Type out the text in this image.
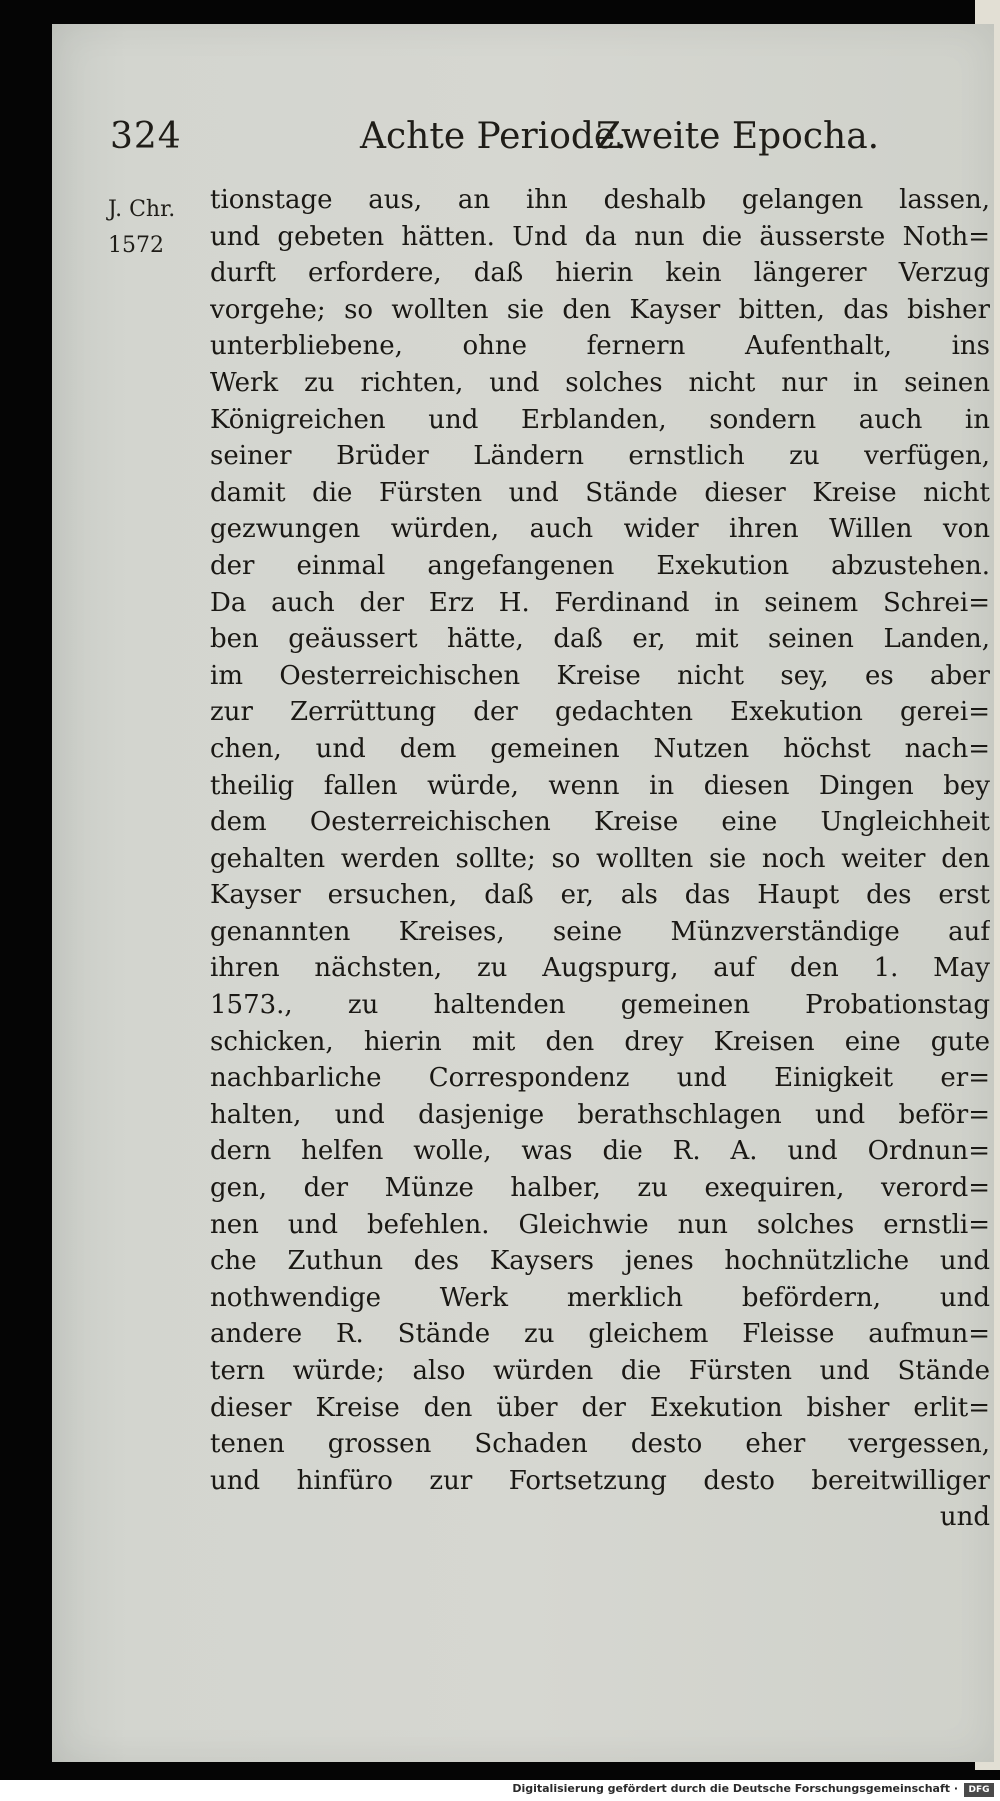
324	Achte Periode.
Zweite Epocha.
J. Chr.
1572
tionstage aus, an ihn deshalb gelangen lassen,
und gebeten hätten. Und da nun die äusserste Noth=
durft erfordere, daß hierin kein längerer Verzug
vorgehe; so wollten sie den Kayser bitten, das bisher
unterbliebene, ohne fernern Aufenthalt, ins
Werk zu richten, und solches nicht nur in seinen
Königreichen und Erblanden, sondern auch in
seiner Brüder Ländern ernstlich zu verfügen,
damit die Fürsten und Stände dieser Kreise nicht
gezwungen würden, auch wider ihren Willen von
der einmal angefangenen Exekution abzustehen.
Da auch der Erz H. Ferdinand in seinem Schrei=
ben geäussert hätte, daß er, mit seinen Landen,
im Oesterreichischen Kreise nicht sey, es aber
zur Zerrüttung der gedachten Exekution gerei=
chen, und dem gemeinen Nutzen höchst nach=
theilig fallen würde, wenn in diesen Dingen bey
dem Oesterreichischen Kreise eine Ungleichheit
gehalten werden sollte; so wollten sie noch weiter den
Kayser ersuchen, daß er, als das Haupt des erst
genannten Kreises, seine Münzverständige auf
ihren nächsten, zu Augspurg, auf den 1. May
1573., zu haltenden gemeinen Probationstag
schicken, hierin mit den drey Kreisen eine gute
nachbarliche Correspondenz und Einigkeit er=
halten, und dasjenige berathschlagen und beför=
dern helfen wolle, was die R. A. und Ordnun=
gen, der Münze halber, zu exequiren, verord=
nen und befehlen. Gleichwie nun solches ernstli=
che Zuthun des Kaysers jenes hochnützliche und
nothwendige Werk merklich befördern, und
andere R. Stände zu gleichem Fleisse aufmun=
tern würde; also würden die Fürsten und Stände
dieser Kreise den über der Exekution bisher erlit=
tenen grossen Schaden desto eher vergessen,
und hinfüro zur Fortsetzung desto bereitwilliger
und
Digitalisierung gefördert durch die Deutsche Forschungsgemeinschaft ·	DFG
